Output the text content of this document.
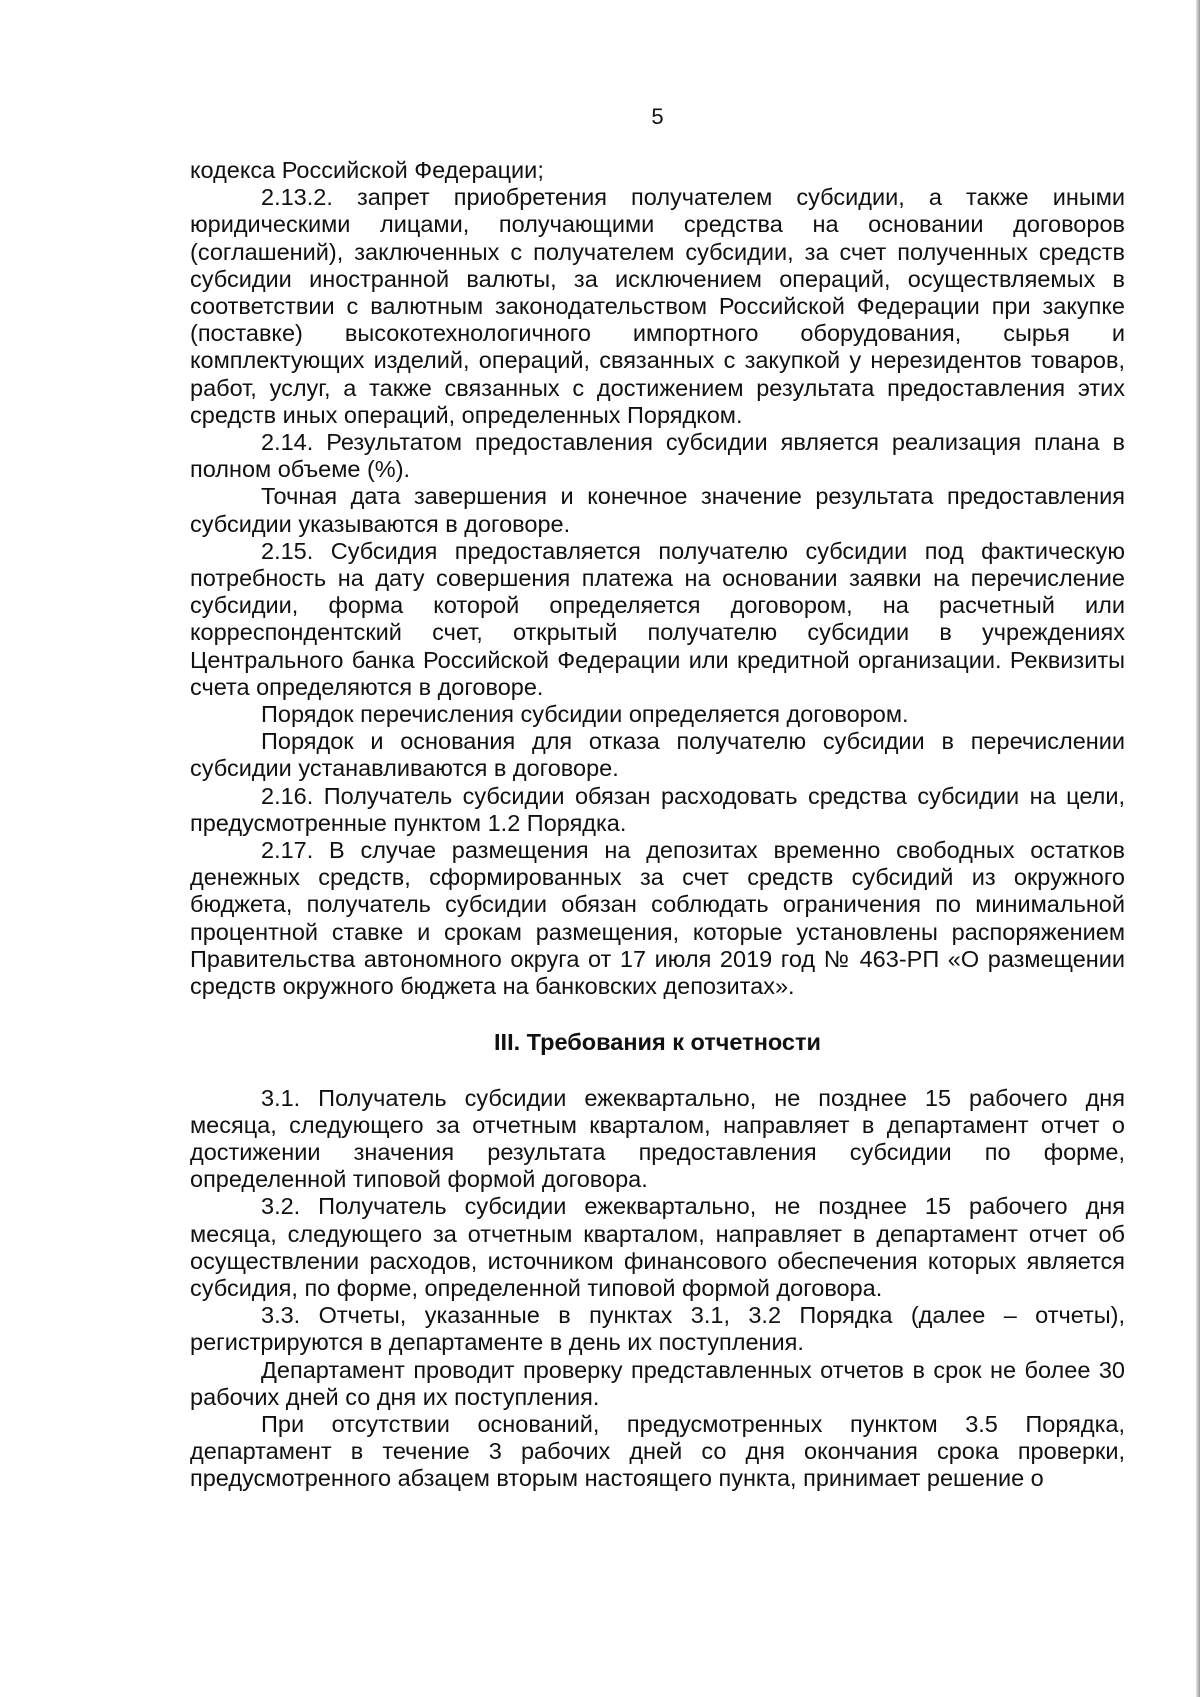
5

кодекса Российской Федерации;

2.13.2. запрет приобретения получателем субсидии, а также иными юридическими лицами, получающими средства на основании договоров (соглашений), заключенных с получателем субсидии, за счет полученных средств субсидии иностранной валюты, за исключением операций, осуществляемых в соответствии с валютным законодательством Российской Федерации при закупке (поставке) высокотехнологичного импортного оборудования, сырья и комплектующих изделий, операций, связанных с закупкой у нерезидентов товаров, работ, услуг, а также связанных с достижением результата предоставления этих средств иных операций, определенных Порядком.

2.14. Результатом предоставления субсидии является реализация плана в полном объеме (%).

Точная дата завершения и конечное значение результата предоставления субсидии указываются в договоре.

2.15. Субсидия предоставляется получателю субсидии под фактическую потребность на дату совершения платежа на основании заявки на перечисление субсидии, форма которой определяется договором, на расчетный или корреспондентский счет, открытый получателю субсидии в учреждениях Центрального банка Российской Федерации или кредитной организации. Реквизиты счета определяются в договоре.

Порядок перечисления субсидии определяется договором.

Порядок и основания для отказа получателю субсидии в перечислении субсидии устанавливаются в договоре.

2.16. Получатель субсидии обязан расходовать средства субсидии на цели, предусмотренные пунктом 1.2 Порядка.

2.17. В случае размещения на депозитах временно свободных остатков денежных средств, сформированных за счет средств субсидий из окружного бюджета, получатель субсидии обязан соблюдать ограничения по минимальной процентной ставке и срокам размещения, которые установлены распоряжением Правительства автономного округа от 17 июля 2019 год № 463-РП «О размещении средств окружного бюджета на банковских депозитах».

III. Требования к отчетности

3.1. Получатель субсидии ежеквартально, не позднее 15 рабочего дня месяца, следующего за отчетным кварталом, направляет в департамент отчет о достижении значения результата предоставления субсидии по форме, определенной типовой формой договора.

3.2. Получатель субсидии ежеквартально, не позднее 15 рабочего дня месяца, следующего за отчетным кварталом, направляет в департамент отчет об осуществлении расходов, источником финансового обеспечения которых является субсидия, по форме, определенной типовой формой договора.

3.3. Отчеты, указанные в пунктах 3.1, 3.2 Порядка (далее – отчеты), регистрируются в департаменте в день их поступления.

Департамент проводит проверку представленных отчетов в срок не более 30 рабочих дней со дня их поступления.

При отсутствии оснований, предусмотренных пунктом 3.5 Порядка, департамент в течение 3 рабочих дней со дня окончания срока проверки, предусмотренного абзацем вторым настоящего пункта, принимает решение о
